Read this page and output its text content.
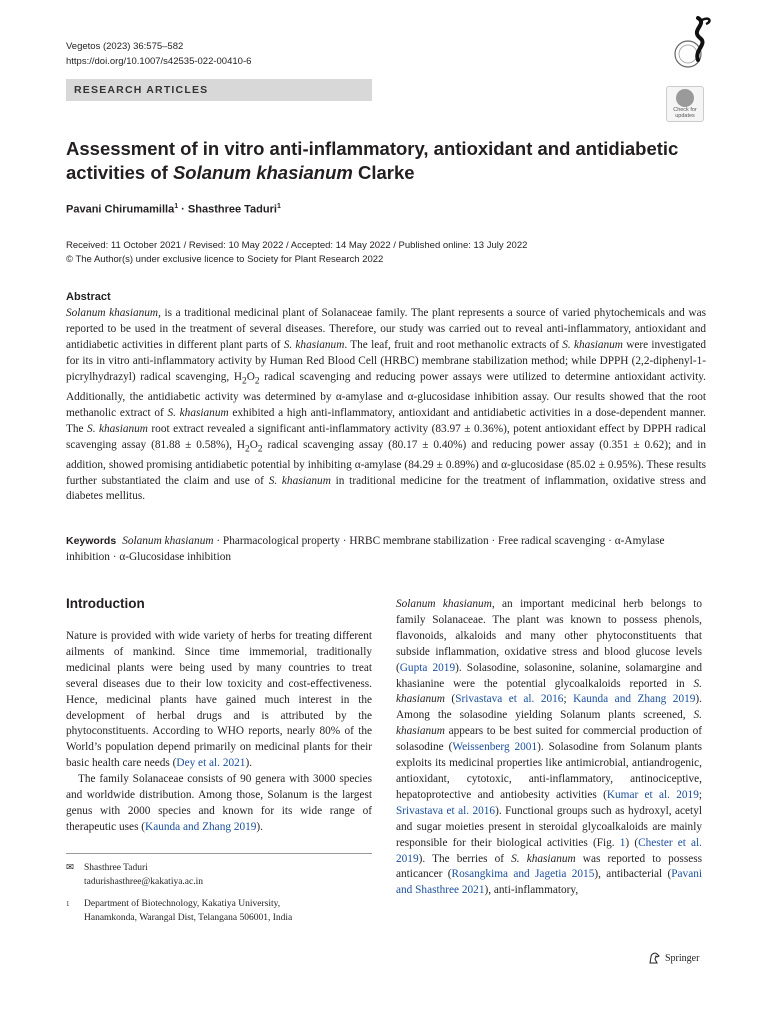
Vegetos (2023) 36:575–582
https://doi.org/10.1007/s42535-022-00410-6
RESEARCH ARTICLES
Check for
updates
Assessment of in vitro anti-inflammatory, antioxidant and antidiabetic activities of Solanum khasianum Clarke
Pavani Chirumamilla$^1$ · Shasthree Taduri$^1$
Received: 11 October 2021 / Revised: 10 May 2022 / Accepted: 14 May 2022 / Published online: 13 July 2022
© The Author(s) under exclusive licence to Society for Plant Research 2022
Abstract

Solanum khasianum, is a traditional medicinal plant of Solanaceae family. The plant represents a source of varied phytochemicals and was reported to be used in the treatment of several diseases. Therefore, our study was carried out to reveal anti-inflammatory, antioxidant and antidiabetic activities in different plant parts of S. khasianum. The leaf, fruit and root methanolic extracts of S. khasianum were investigated for its in vitro anti-inflammatory activity by Human Red Blood Cell (HRBC) membrane stabilization method; while DPPH (2,2-diphenyl-1-picrylhydrazyl) radical scavenging, $H_2O_2$ radical scavenging and reducing power assays were utilized to determine antioxidant activity. Additionally, the antidiabetic activity was determined by α-amylase and α-glucosidase inhibition assay. Our results showed that the root methanolic extract of S. khasianum exhibited a high anti-inflammatory, antioxidant and antidiabetic activities in a dose-dependent manner. The S. khasianum root extract revealed a significant anti-inflammatory activity (83.97 ± 0.36%), potent antioxidant effect by DPPH radical scavenging assay (81.88 ± 0.58%), $H_2O_2$ radical scavenging assay (80.17 ± 0.40%) and reducing power assay (0.351 ± 0.62); and in addition, showed promising antidiabetic potential by inhibiting α-amylase (84.29 ± 0.89%) and α-glucosidase (85.02 ± 0.95%). These results further substantiated the claim and use of S. khasianum in traditional medicine for the treatment of inflammation, oxidative stress and diabetes mellitus.

Keywords Solanum khasianum · Pharmacological property · HRBC membrane stabilization · Free radical scavenging · α-Amylase inhibition · α-Glucosidase inhibition
Introduction

Nature is provided with wide variety of herbs for treating different ailments of mankind. Since time immemorial, traditionally medicinal plants were being used by many countries to treat several diseases due to their low toxicity and cost-effectiveness. Hence, medicinal plants have gained much interest in the development of herbal drugs and is attributed by the phytoconstituents. According to WHO reports, nearly 80% of the World’s population depend primarily on medicinal plants for their basic health care needs (Dey et al. 2021).

The family Solanaceae consists of 90 genera with 3000 species and worldwide distribution. Among those, Solanum is the largest genus with 2000 species and known for its wide range of therapeutic uses (Kaunda and Zhang 2019).

Solanum khasianum, an important medicinal herb belongs to family Solanaceae. The plant was known to possess phenols, flavonoids, alkaloids and many other phytoconstituents that subside inflammation, oxidative stress and blood glucose levels (Gupta 2019). Solasodine, solasonine, solanine, solamargine and khasianine were the potential glycoalkaloids reported in S. khasianum (Srivastava et al. 2016; Kaunda and Zhang 2019). Among the solasodine yielding Solanum plants screened, S. khasianum appears to be best suited for commercial production of solasodine (Weissenberg 2001). Solasodine from Solanum plants exploits its medicinal properties like antimicrobial, antiandrogenic, antioxidant, cytotoxic, anti-inflammatory, antinociceptive, hepatoprotective and antiobesity activities (Kumar et al. 2019; Srivastava et al. 2016). Functional groups such as hydroxyl, acetyl and sugar moieties present in steroidal glycoalkaloids are mainly responsible for their biological activities (Fig. 1) (Chester et al. 2019). The berries of S. khasianum was reported to possess anticancer (Rosangkima and Jagetia 2015), antibacterial (Pavani and Shasthree 2021), anti-inflammatory,

✉	Shasthree Taduri
tadurishasthree@kakatiya.ac.in
1	Department of Biotechnology, Kakatiya University,
Hanamkonda, Warangal Dist, Telangana 506001, India
Springer
